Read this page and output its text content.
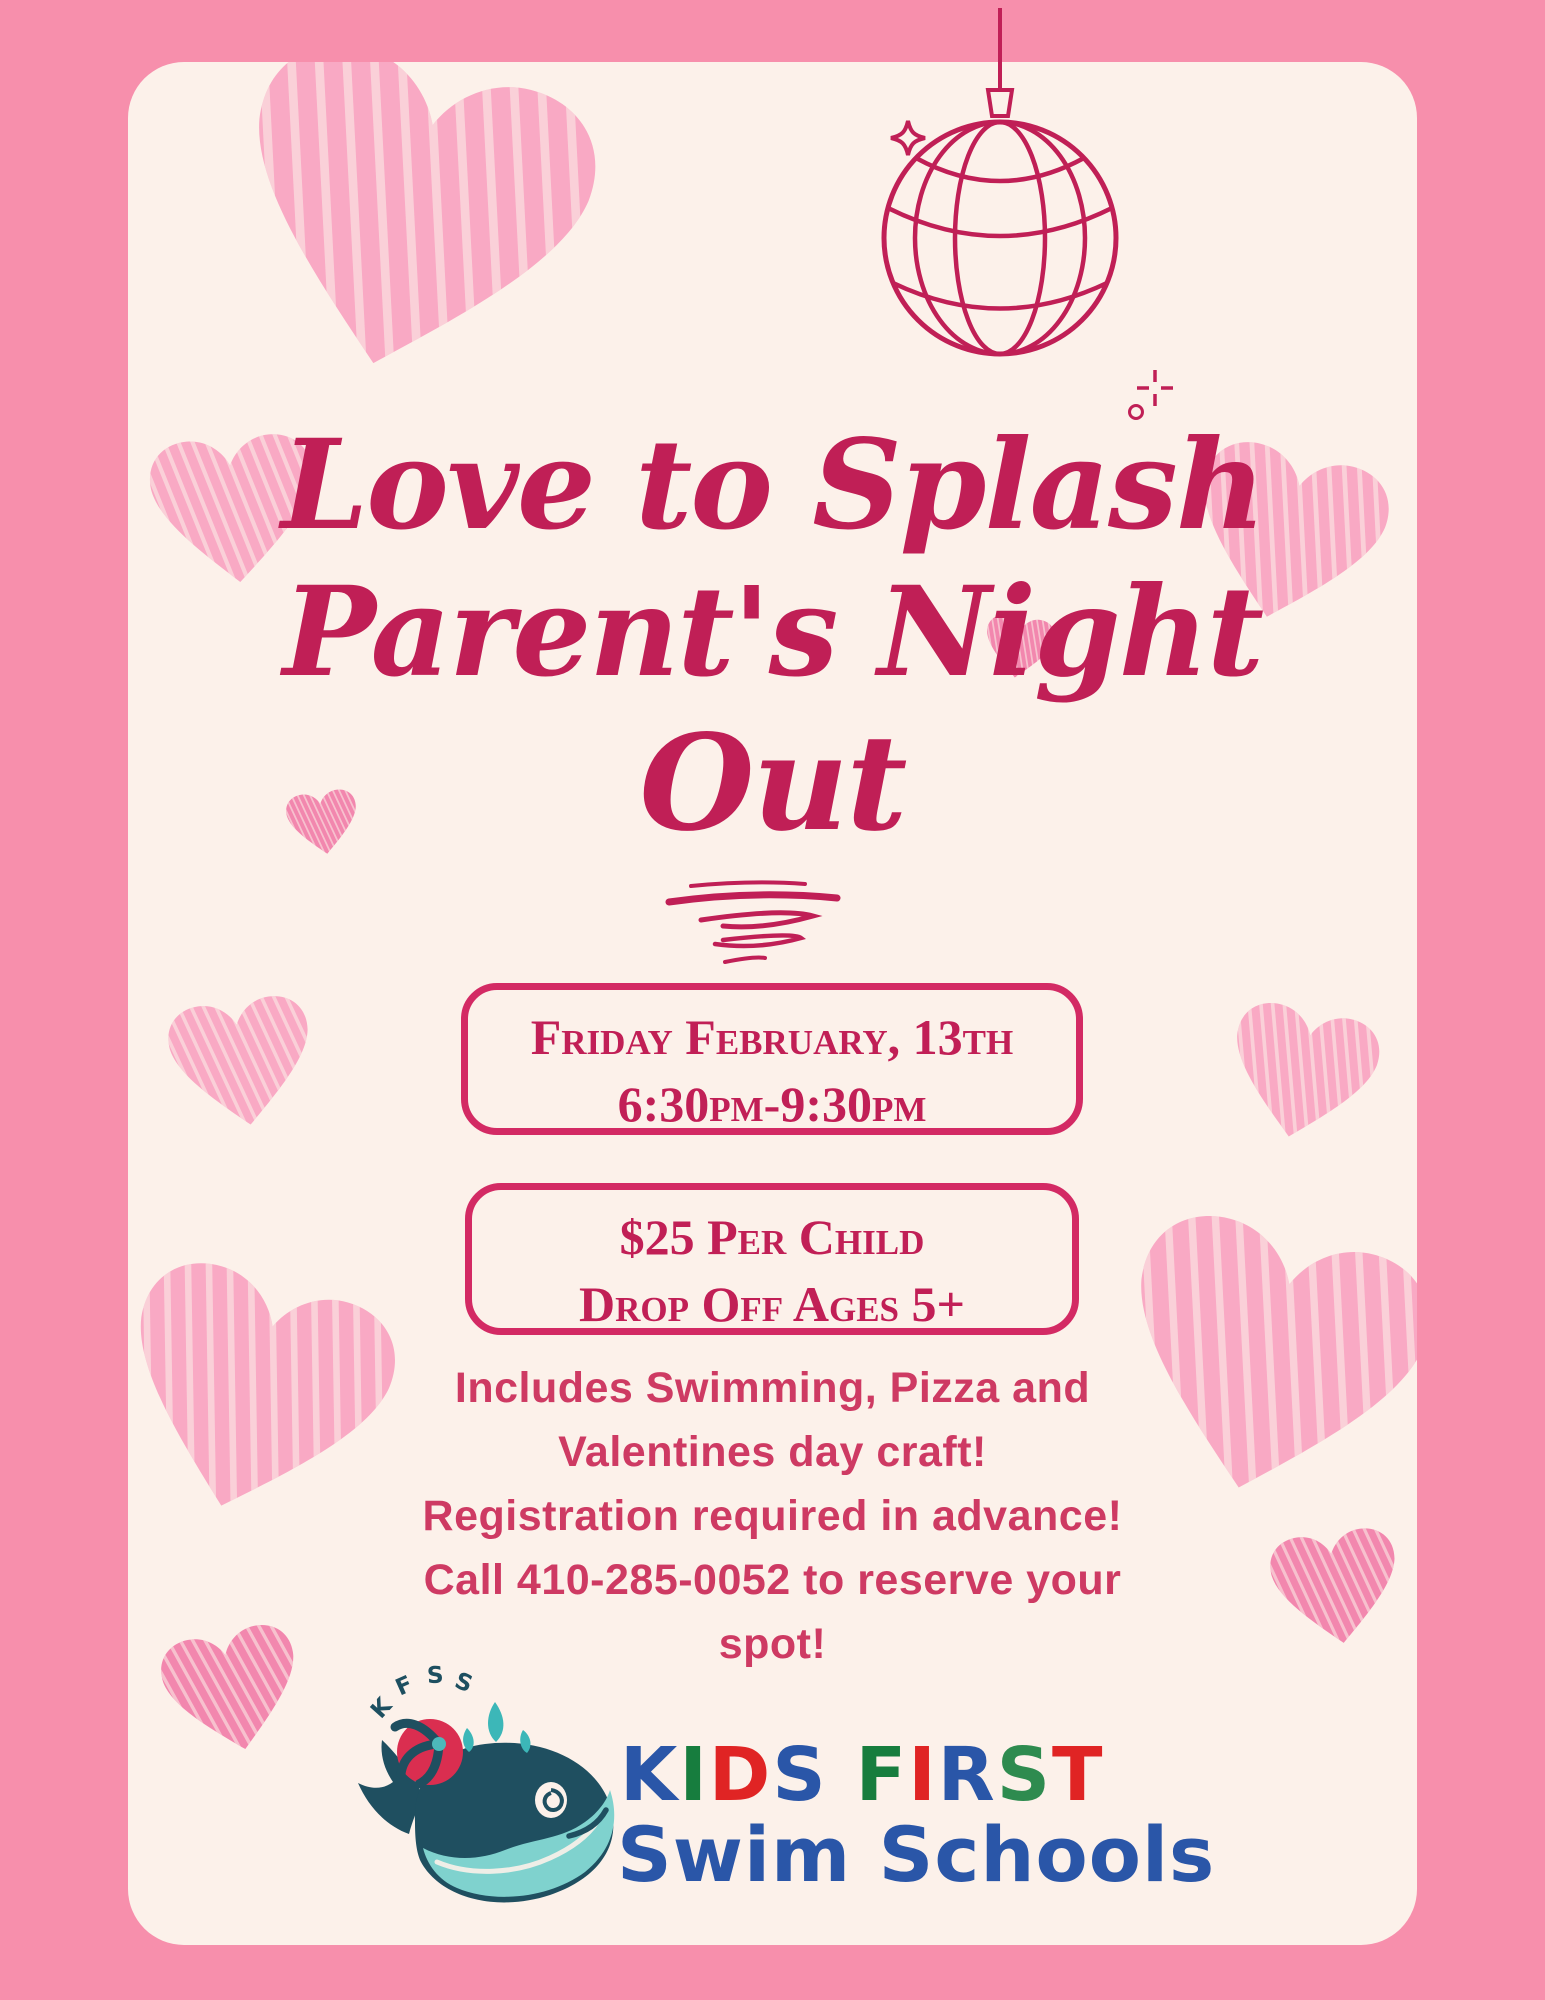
Love to Splash
Parent's Night
Out
Friday February, 13th
6:30pm-9:30pm
$25 Per Child
Drop Off Ages 5+
Includes Swimming, Pizza and
Valentines day craft!
Registration required in advance!
Call 410-285-0052 to reserve your
spot!
K
F S S
KIDS FIRST
Swim Schools
